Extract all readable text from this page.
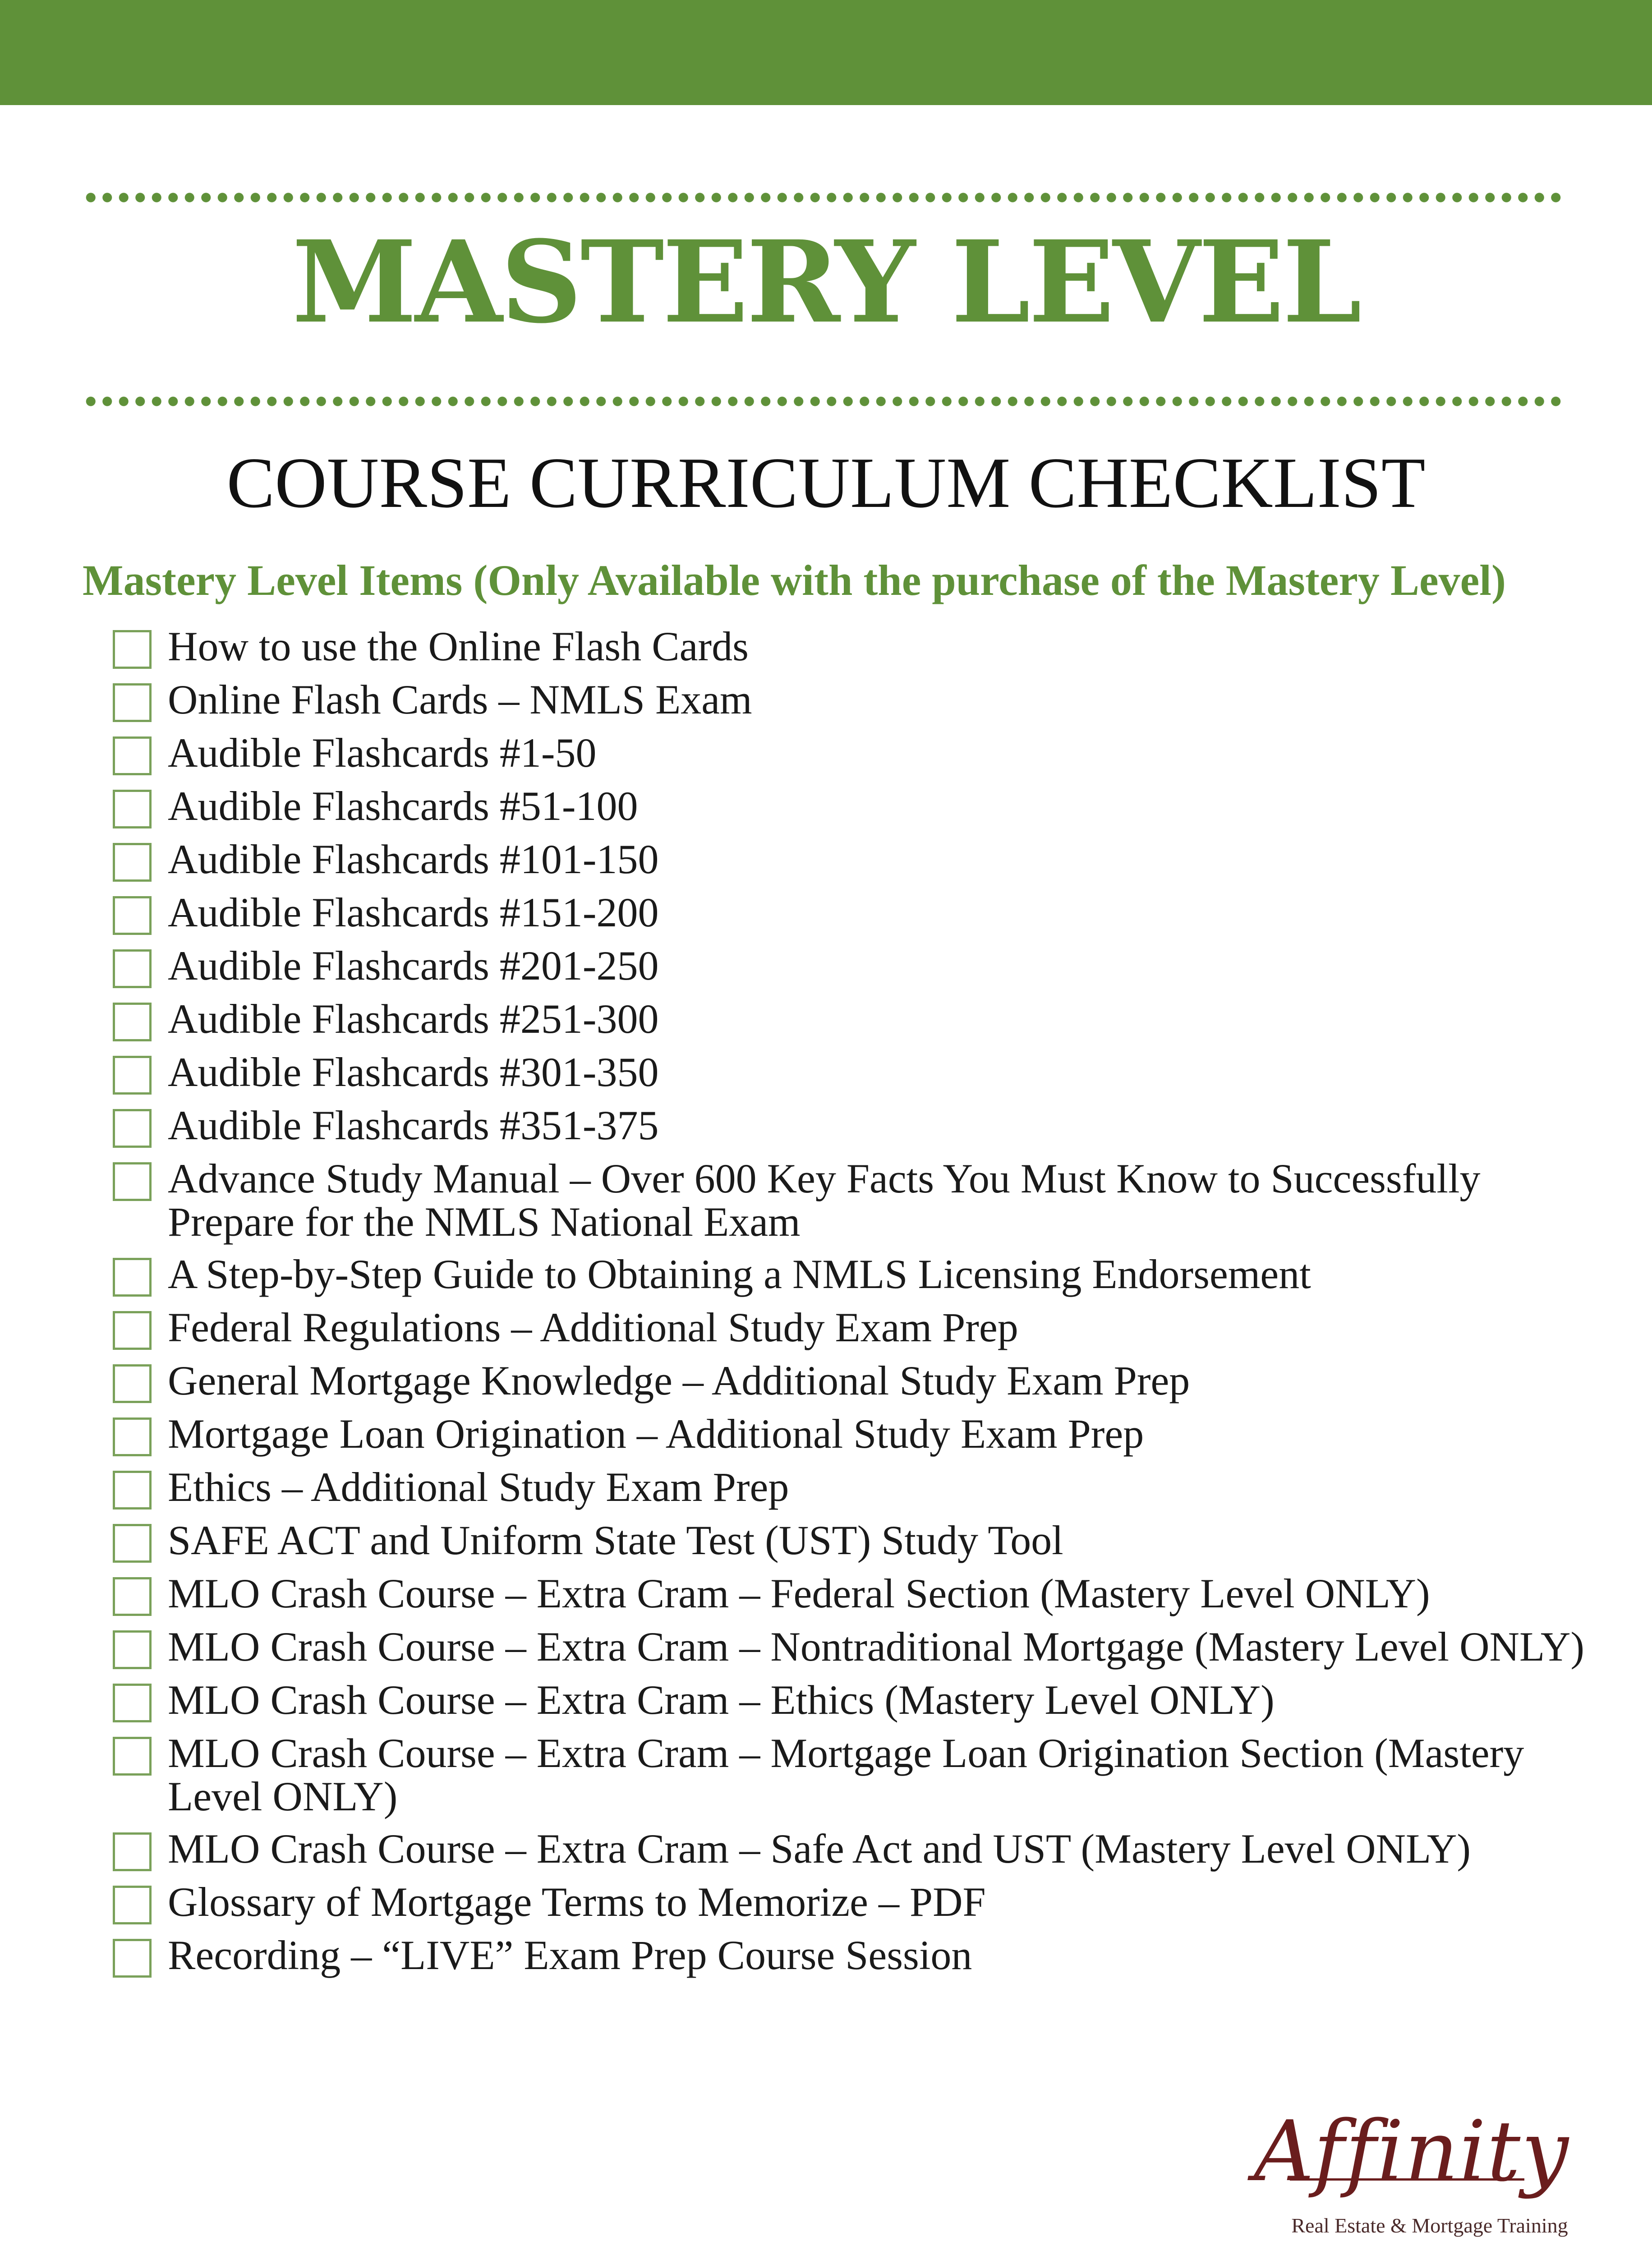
MASTERY LEVEL
COURSE CURRICULUM CHECKLIST
Mastery Level Items (Only Available with the purchase of the Mastery Level)
How to use the Online Flash Cards
Online Flash Cards – NMLS Exam
Audible Flashcards #1-50
Audible Flashcards #51-100
Audible Flashcards #101-150
Audible Flashcards #151-200
Audible Flashcards #201-250
Audible Flashcards #251-300
Audible Flashcards #301-350
Audible Flashcards #351-375
Advance Study Manual – Over 600 Key Facts You Must Know to Successfully Prepare for the NMLS National Exam
A Step-by-Step Guide to Obtaining a NMLS Licensing Endorsement
Federal Regulations – Additional Study Exam Prep
General Mortgage Knowledge – Additional Study Exam Prep
Mortgage Loan Origination – Additional Study Exam Prep
Ethics – Additional Study Exam Prep
SAFE ACT and Uniform State Test (UST) Study Tool
MLO Crash Course – Extra Cram – Federal Section (Mastery Level ONLY)
MLO Crash Course – Extra Cram – Nontraditional Mortgage (Mastery Level ONLY)
MLO Crash Course – Extra Cram – Ethics (Mastery Level ONLY)
MLO Crash Course – Extra Cram – Mortgage Loan Origination Section (Mastery Level ONLY)
MLO Crash Course – Extra Cram – Safe Act and UST (Mastery Level ONLY)
Glossary of Mortgage Terms to Memorize – PDF
Recording – “LIVE” Exam Prep Course Session
Affinity
Real Estate & Mortgage Training
